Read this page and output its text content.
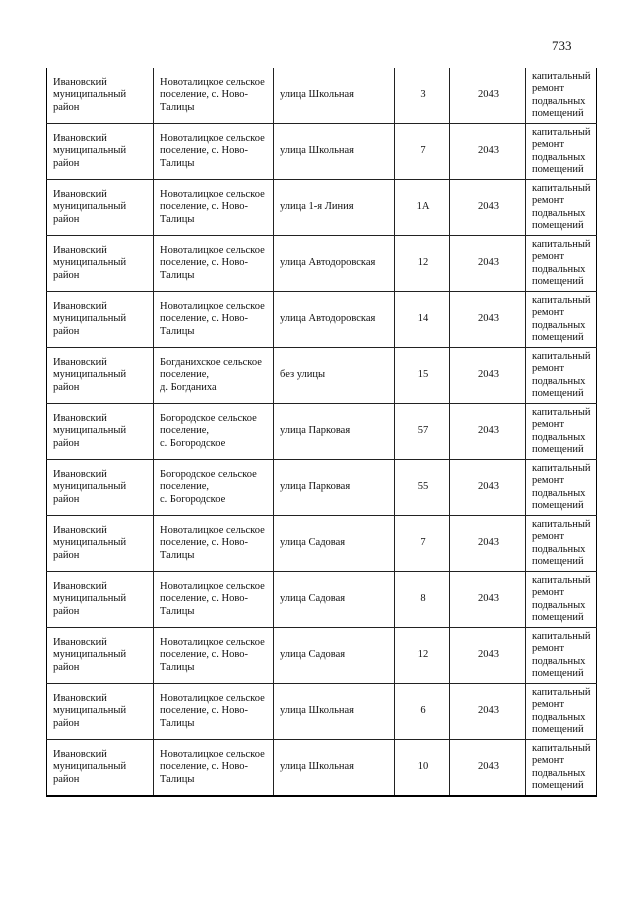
733
Ивановский
муниципальный
район	Новоталицкое сельское
поселение, с. Ново-
Талицы	улица Школьная	3	2043	капитальный
ремонт
подвальных
помещений

Ивановский
муниципальный
район	Новоталицкое сельское
поселение, с. Ново-
Талицы	улица Школьная	7	2043	капитальный
ремонт
подвальных
помещений

Ивановский
муниципальный
район	Новоталицкое сельское
поселение, с. Ново-
Талицы	улица 1-я Линия	1А	2043	капитальный
ремонт
подвальных
помещений

Ивановский
муниципальный
район	Новоталицкое сельское
поселение, с. Ново-
Талицы	улица Автодоровская	12	2043	капитальный
ремонт
подвальных
помещений

Ивановский
муниципальный
район	Новоталицкое сельское
поселение, с. Ново-
Талицы	улица Автодоровская	14	2043	капитальный
ремонт
подвальных
помещений

Ивановский
муниципальный
район	Богданихское сельское
поселение,
д. Богданиха	без улицы	15	2043	капитальный
ремонт
подвальных
помещений

Ивановский
муниципальный
район	Богородское сельское
поселение,
с. Богородское	улица Парковая	57	2043	капитальный
ремонт
подвальных
помещений

Ивановский
муниципальный
район	Богородское сельское
поселение,
с. Богородское	улица Парковая	55	2043	капитальный
ремонт
подвальных
помещений

Ивановский
муниципальный
район	Новоталицкое сельское
поселение, с. Ново-
Талицы	улица Садовая	7	2043	капитальный
ремонт
подвальных
помещений

Ивановский
муниципальный
район	Новоталицкое сельское
поселение, с. Ново-
Талицы	улица Садовая	8	2043	капитальный
ремонт
подвальных
помещений

Ивановский
муниципальный
район	Новоталицкое сельское
поселение, с. Ново-
Талицы	улица Садовая	12	2043	капитальный
ремонт
подвальных
помещений

Ивановский
муниципальный
район	Новоталицкое сельское
поселение, с. Ново-
Талицы	улица Школьная	6	2043	капитальный
ремонт
подвальных
помещений

Ивановский
муниципальный
район	Новоталицкое сельское
поселение, с. Ново-
Талицы	улица Школьная	10	2043	капитальный
ремонт
подвальных
помещений
